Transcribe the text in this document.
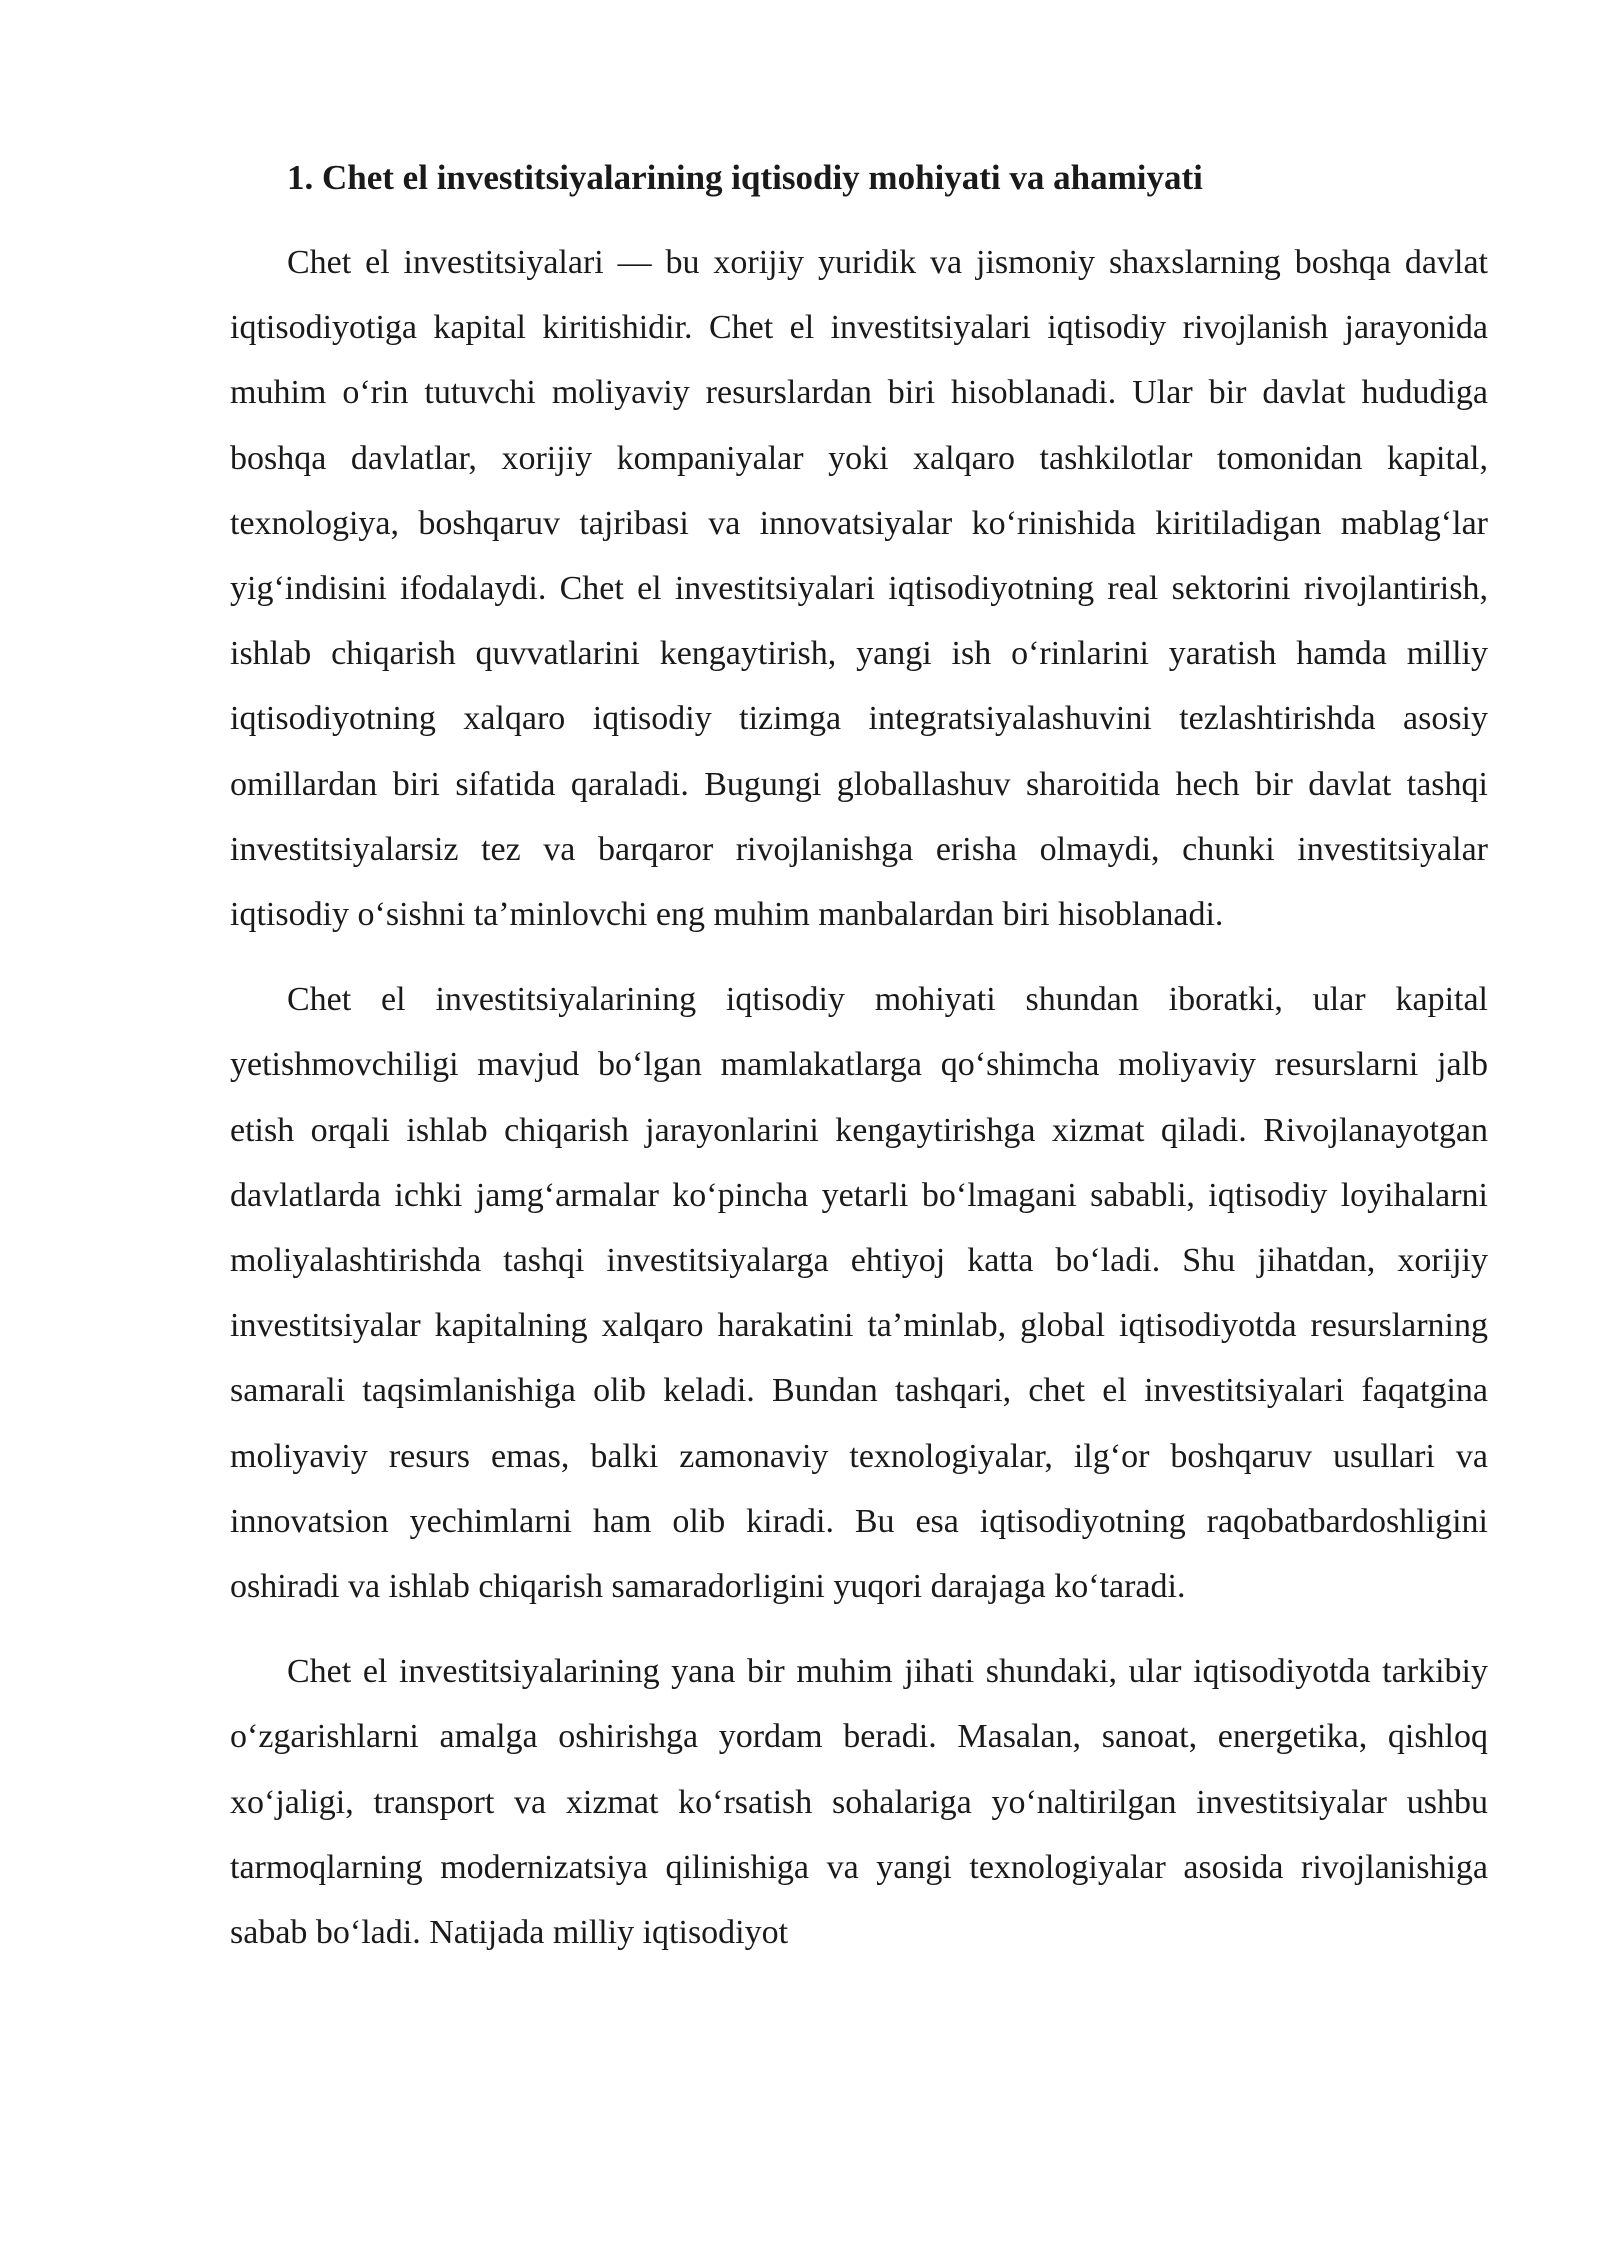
1. Chet el investitsiyalarining iqtisodiy mohiyati va ahamiyati

Chet el investitsiyalari — bu xorijiy yuridik va jismoniy shaxslarning boshqa davlat iqtisodiyotiga kapital kiritishidir. Chet el investitsiyalari iqtisodiy rivojlanish jarayonida muhim oʻrin tutuvchi moliyaviy resurslardan biri hisoblanadi. Ular bir davlat hududiga boshqa davlatlar, xorijiy kompaniyalar yoki xalqaro tashkilotlar tomonidan kapital, texnologiya, boshqaruv tajribasi va innovatsiyalar koʻrinishida kiritiladigan mablagʻlar yigʻindisini ifodalaydi. Chet el investitsiyalari iqtisodiyotning real sektorini rivojlantirish, ishlab chiqarish quvvatlarini kengaytirish, yangi ish oʻrinlarini yaratish hamda milliy iqtisodiyotning xalqaro iqtisodiy tizimga integratsiyalashuvini tezlashtirishda asosiy omillardan biri sifatida qaraladi. Bugungi globallashuv sharoitida hech bir davlat tashqi investitsiyalarsiz tez va barqaror rivojlanishga erisha olmaydi, chunki investitsiyalar iqtisodiy oʻsishni taʼminlovchi eng muhim manbalardan biri hisoblanadi.

Chet el investitsiyalarining iqtisodiy mohiyati shundan iboratki, ular kapital yetishmovchiligi mavjud boʻlgan mamlakatlarga qoʻshimcha moliyaviy resurslarni jalb etish orqali ishlab chiqarish jarayonlarini kengaytirishga xizmat qiladi. Rivojlanayotgan davlatlarda ichki jamgʻarmalar koʻpincha yetarli boʻlmagani sababli, iqtisodiy loyihalarni moliyalashtirishda tashqi investitsiyalarga ehtiyoj katta boʻladi. Shu jihatdan, xorijiy investitsiyalar kapitalning xalqaro harakatini taʼminlab, global iqtisodiyotda resurslarning samarali taqsimlanishiga olib keladi. Bundan tashqari, chet el investitsiyalari faqatgina moliyaviy resurs emas, balki zamonaviy texnologiyalar, ilgʻor boshqaruv usullari va innovatsion yechimlarni ham olib kiradi. Bu esa iqtisodiyotning raqobatbardoshligini oshiradi va ishlab chiqarish samaradorligini yuqori darajaga koʻtaradi.

Chet el investitsiyalarining yana bir muhim jihati shundaki, ular iqtisodiyotda tarkibiy oʻzgarishlarni amalga oshirishga yordam beradi. Masalan, sanoat, energetika, qishloq xoʻjaligi, transport va xizmat koʻrsatish sohalariga yoʻnaltirilgan investitsiyalar ushbu tarmoqlarning modernizatsiya qilinishiga va yangi texnologiyalar asosida rivojlanishiga sabab boʻladi. Natijada milliy iqtisodiyot
